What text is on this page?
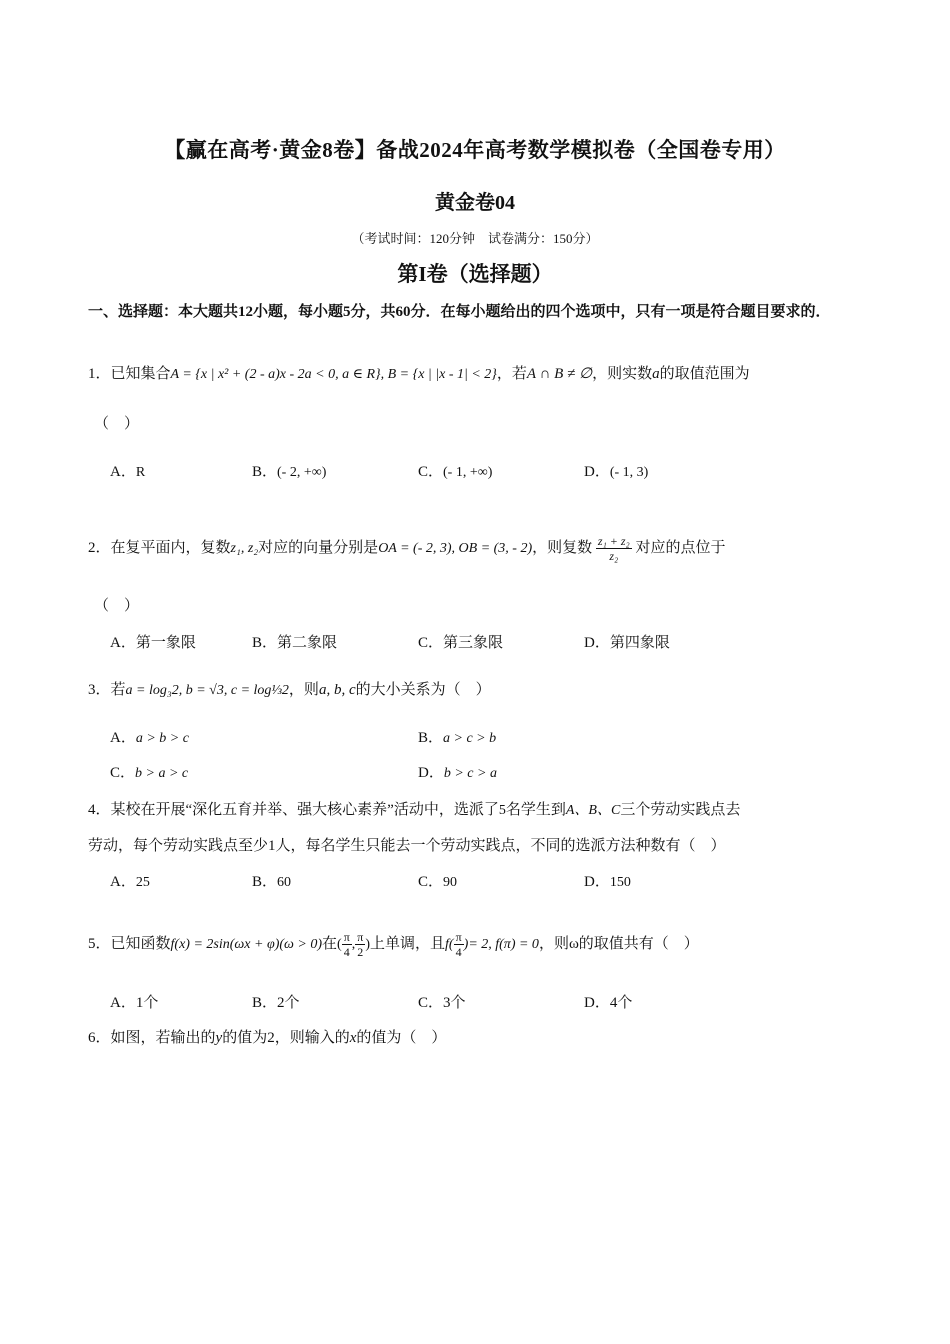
【赢在高考·黄金8卷】备战2024年高考数学模拟卷（全国卷专用）
黄金卷04
（考试时间：120分钟　试卷满分：150分）
第I卷（选择题）
一、选择题：本大题共12小题，每小题5分，共60分．在每小题给出的四个选项中，只有一项是符合题目要求的．
1．已知集合A = {x | x² + (2 - a)x - 2a < 0, a ∈ R}, B = {x | |x - 1| < 2}，若A ∩ B ≠ ∅，则实数a的取值范围为
（　）
A．R	B．(- 2, +∞)	C．(- 1, +∞)	D．(- 1, 3)
2．在复平面内，复数z₁, z₂对应的向量分别是OA = (- 2, 3), OB = (3, - 2)，则复数 $\frac{\text{z₁ + z₂}}{\text{z₂}}$ 对应的点位于
（　）
A．第一象限	B．第二象限	C．第三象限	D．第四象限
3．若a = log₃2, b = √3, c = log⅓2，则a, b, c的大小关系为（　）
A．a > b > c	B．a > c > b
C．b > a > c	D．b > c > a
4．某校在开展“深化五育并举、强大核心素养”活动中，选派了5名学生到A、B、C三个劳动实践点去
劳动，每个劳动实践点至少1人，每名学生只能去一个劳动实践点，不同的选派方法种数有（　）
A．25	B．60	C．90	D．150
5．已知函数f(x) = 2sin(ωx + φ)(ω > 0)在( $\frac{\pi}{4}$ , $\frac{\pi}{2}$ )上单调，且$f( \frac{\pi}{4}$ )= 2, f(π) = 0，则ω的取值共有（　）
A．1个	B．2个	C．3个	D．4个
6．如图，若输出的y的值为2，则输入的x的值为（　）
